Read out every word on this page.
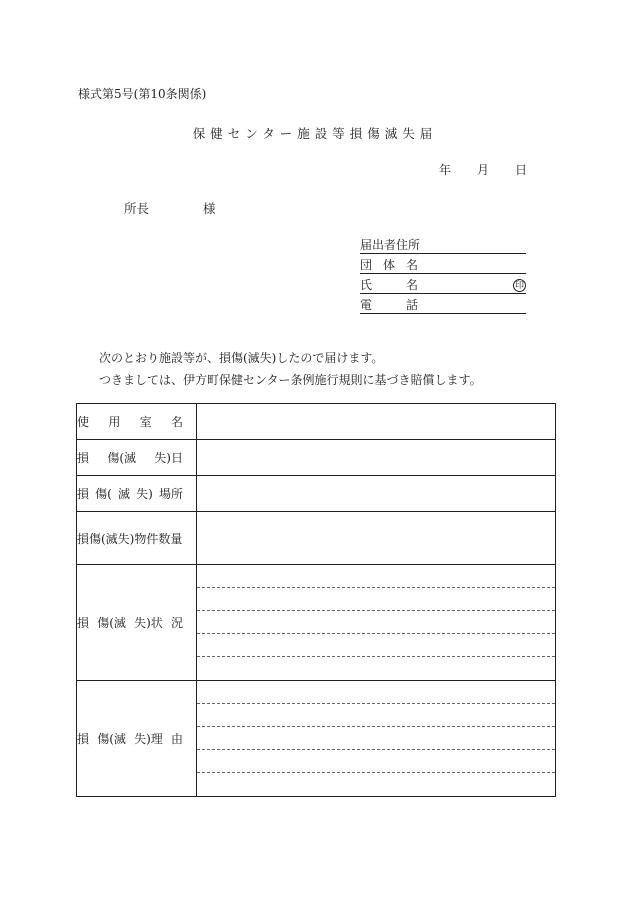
様式第5号(第10条関係)
保健センター施設等損傷滅失届
年 月 日
所長	様
届出者住所
団 体 名
氏	名	印
電	話
次のとおり施設等が、損傷(滅失)したので届けます。
つきましては、伊方町保健センター条例施行規則に基づき賠償します。
使 用 室 名	

損 傷(滅 失)日	

損 傷( 滅 失) 場所	

損傷(滅失)物件数量	

損 傷(滅 失)状 況	

損 傷(滅 失)理 由	
